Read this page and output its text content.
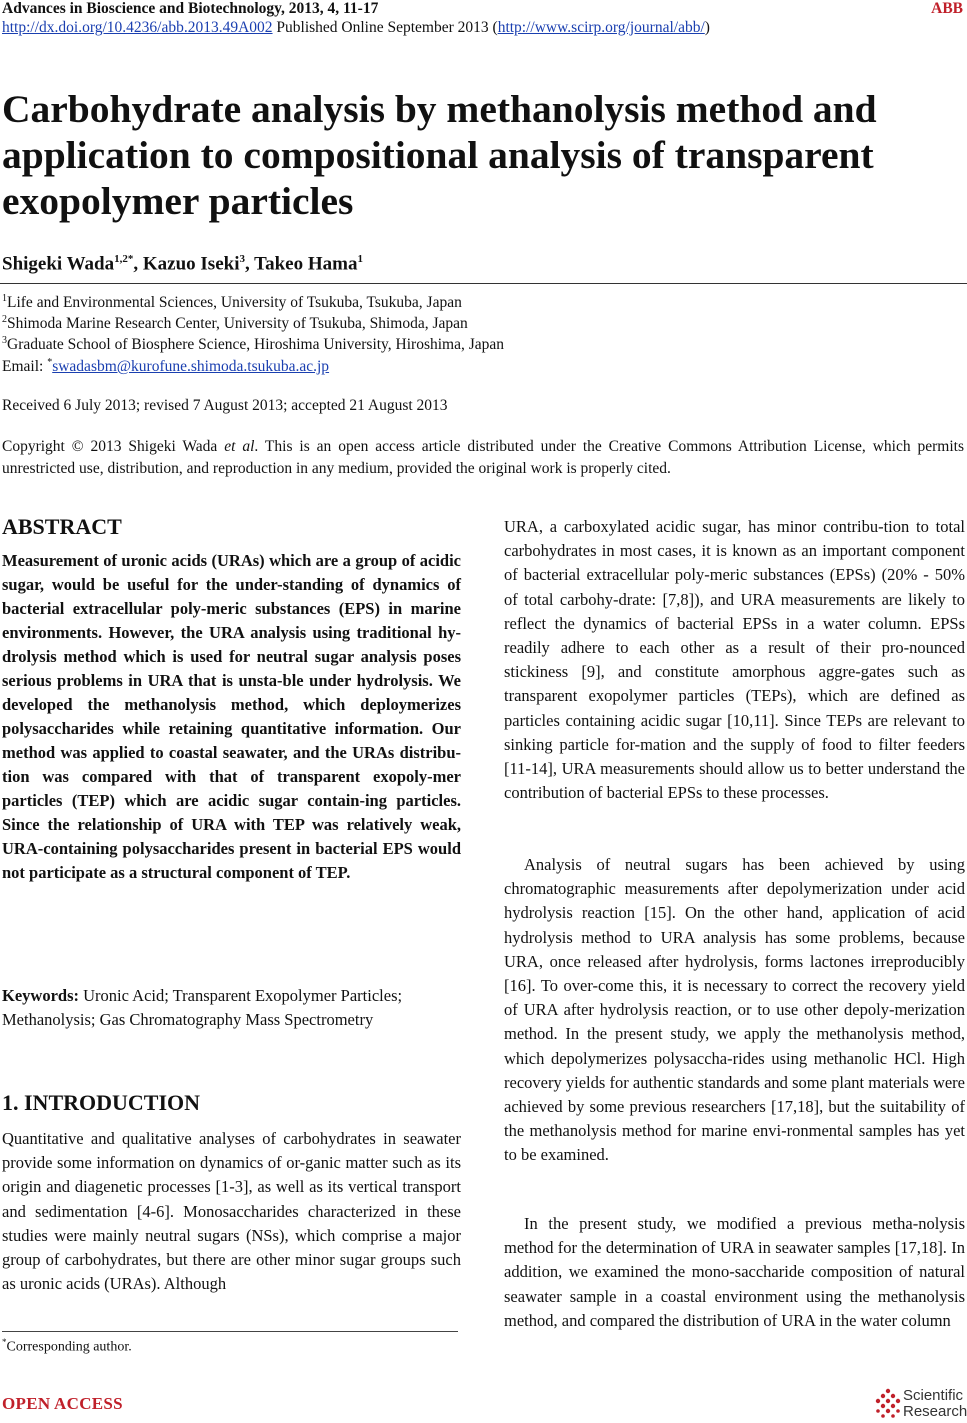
Advances in Bioscience and Biotechnology, 2013, 4, 11-17	ABB
http://dx.doi.org/10.4236/abb.2013.49A002 Published Online September 2013 (http://www.scirp.org/journal/abb/)
Carbohydrate analysis by methanolysis method and application to compositional analysis of transparent exopolymer particles
Shigeki Wada$^{1,2*}$, Kazuo Iseki$^3$, Takeo Hama$^1$
$^1$Life and Environmental Sciences, University of Tsukuba, Tsukuba, Japan
$^2$Shimoda Marine Research Center, University of Tsukuba, Shimoda, Japan
$^3$Graduate School of Biosphere Science, Hiroshima University, Hiroshima, Japan
Email: *swadasbm@kurofune.shimoda.tsukuba.ac.jp
Received 6 July 2013; revised 7 August 2013; accepted 21 August 2013
Copyright © 2013 Shigeki Wada et al. This is an open access article distributed under the Creative Commons Attribution License, which permits unrestricted use, distribution, and reproduction in any medium, provided the original work is properly cited.
ABSTRACT

Measurement of uronic acids (URAs) which are a group of acidic sugar, would be useful for the under-standing of dynamics of bacterial extracellular poly-meric substances (EPS) in marine environments. However, the URA analysis using traditional hy-drolysis method which is used for neutral sugar analysis poses serious problems in URA that is unsta-ble under hydrolysis. We developed the methanolysis method, which deploymerizes polysaccharides while retaining quantitative information. Our method was applied to coastal seawater, and the URAs distribu-tion was compared with that of transparent exopoly-mer particles (TEP) which are acidic sugar contain-ing particles. Since the relationship of URA with TEP was relatively weak, URA-containing polysaccharides present in bacterial EPS would not participate as a structural component of TEP.

Keywords: Uronic Acid; Transparent Exopolymer Particles; Methanolysis; Gas Chromatography Mass Spectrometry

1. INTRODUCTION

Quantitative and qualitative analyses of carbohydrates in seawater provide some information on dynamics of or-ganic matter such as its origin and diagenetic processes [1-3], as well as its vertical transport and sedimentation [4-6]. Monosaccharides characterized in these studies were mainly neutral sugars (NSs), which comprise a major group of carbohydrates, but there are other minor sugar groups such as uronic acids (URAs). Although

*Corresponding author.

URA, a carboxylated acidic sugar, has minor contribu-tion to total carbohydrates in most cases, it is known as an important component of bacterial extracellular poly-meric substances (EPSs) (20% - 50% of total carbohy-drate: [7,8]), and URA measurements are likely to reflect the dynamics of bacterial EPSs in a water column. EPSs readily adhere to each other as a result of their pro-nounced stickiness [9], and constitute amorphous aggre-gates such as transparent exopolymer particles (TEPs), which are defined as particles containing acidic sugar [10,11]. Since TEPs are relevant to sinking particle for-mation and the supply of food to filter feeders [11-14], URA measurements should allow us to better understand the contribution of bacterial EPSs to these processes.

Analysis of neutral sugars has been achieved by using chromatographic measurements after depolymerization under acid hydrolysis reaction [15]. On the other hand, application of acid hydrolysis method to URA analysis has some problems, because URA, once released after hydrolysis, forms lactones irreproducibly [16]. To over-come this, it is necessary to correct the recovery yield of URA after hydrolysis reaction, or to use other depoly-merization method. In the present study, we apply the methanolysis method, which depolymerizes polysaccha-rides using methanolic HCl. High recovery yields for authentic standards and some plant materials were achieved by some previous researchers [17,18], but the suitability of the methanolysis method for marine envi-ronmental samples has yet to be examined.

In the present study, we modified a previous metha-nolysis method for the determination of URA in seawater samples [17,18]. In addition, we examined the mono-saccharide composition of natural seawater sample in a coastal environment using the methanolysis method, and compared the distribution of URA in the water column

OPEN ACCESS	Scientific
Research
